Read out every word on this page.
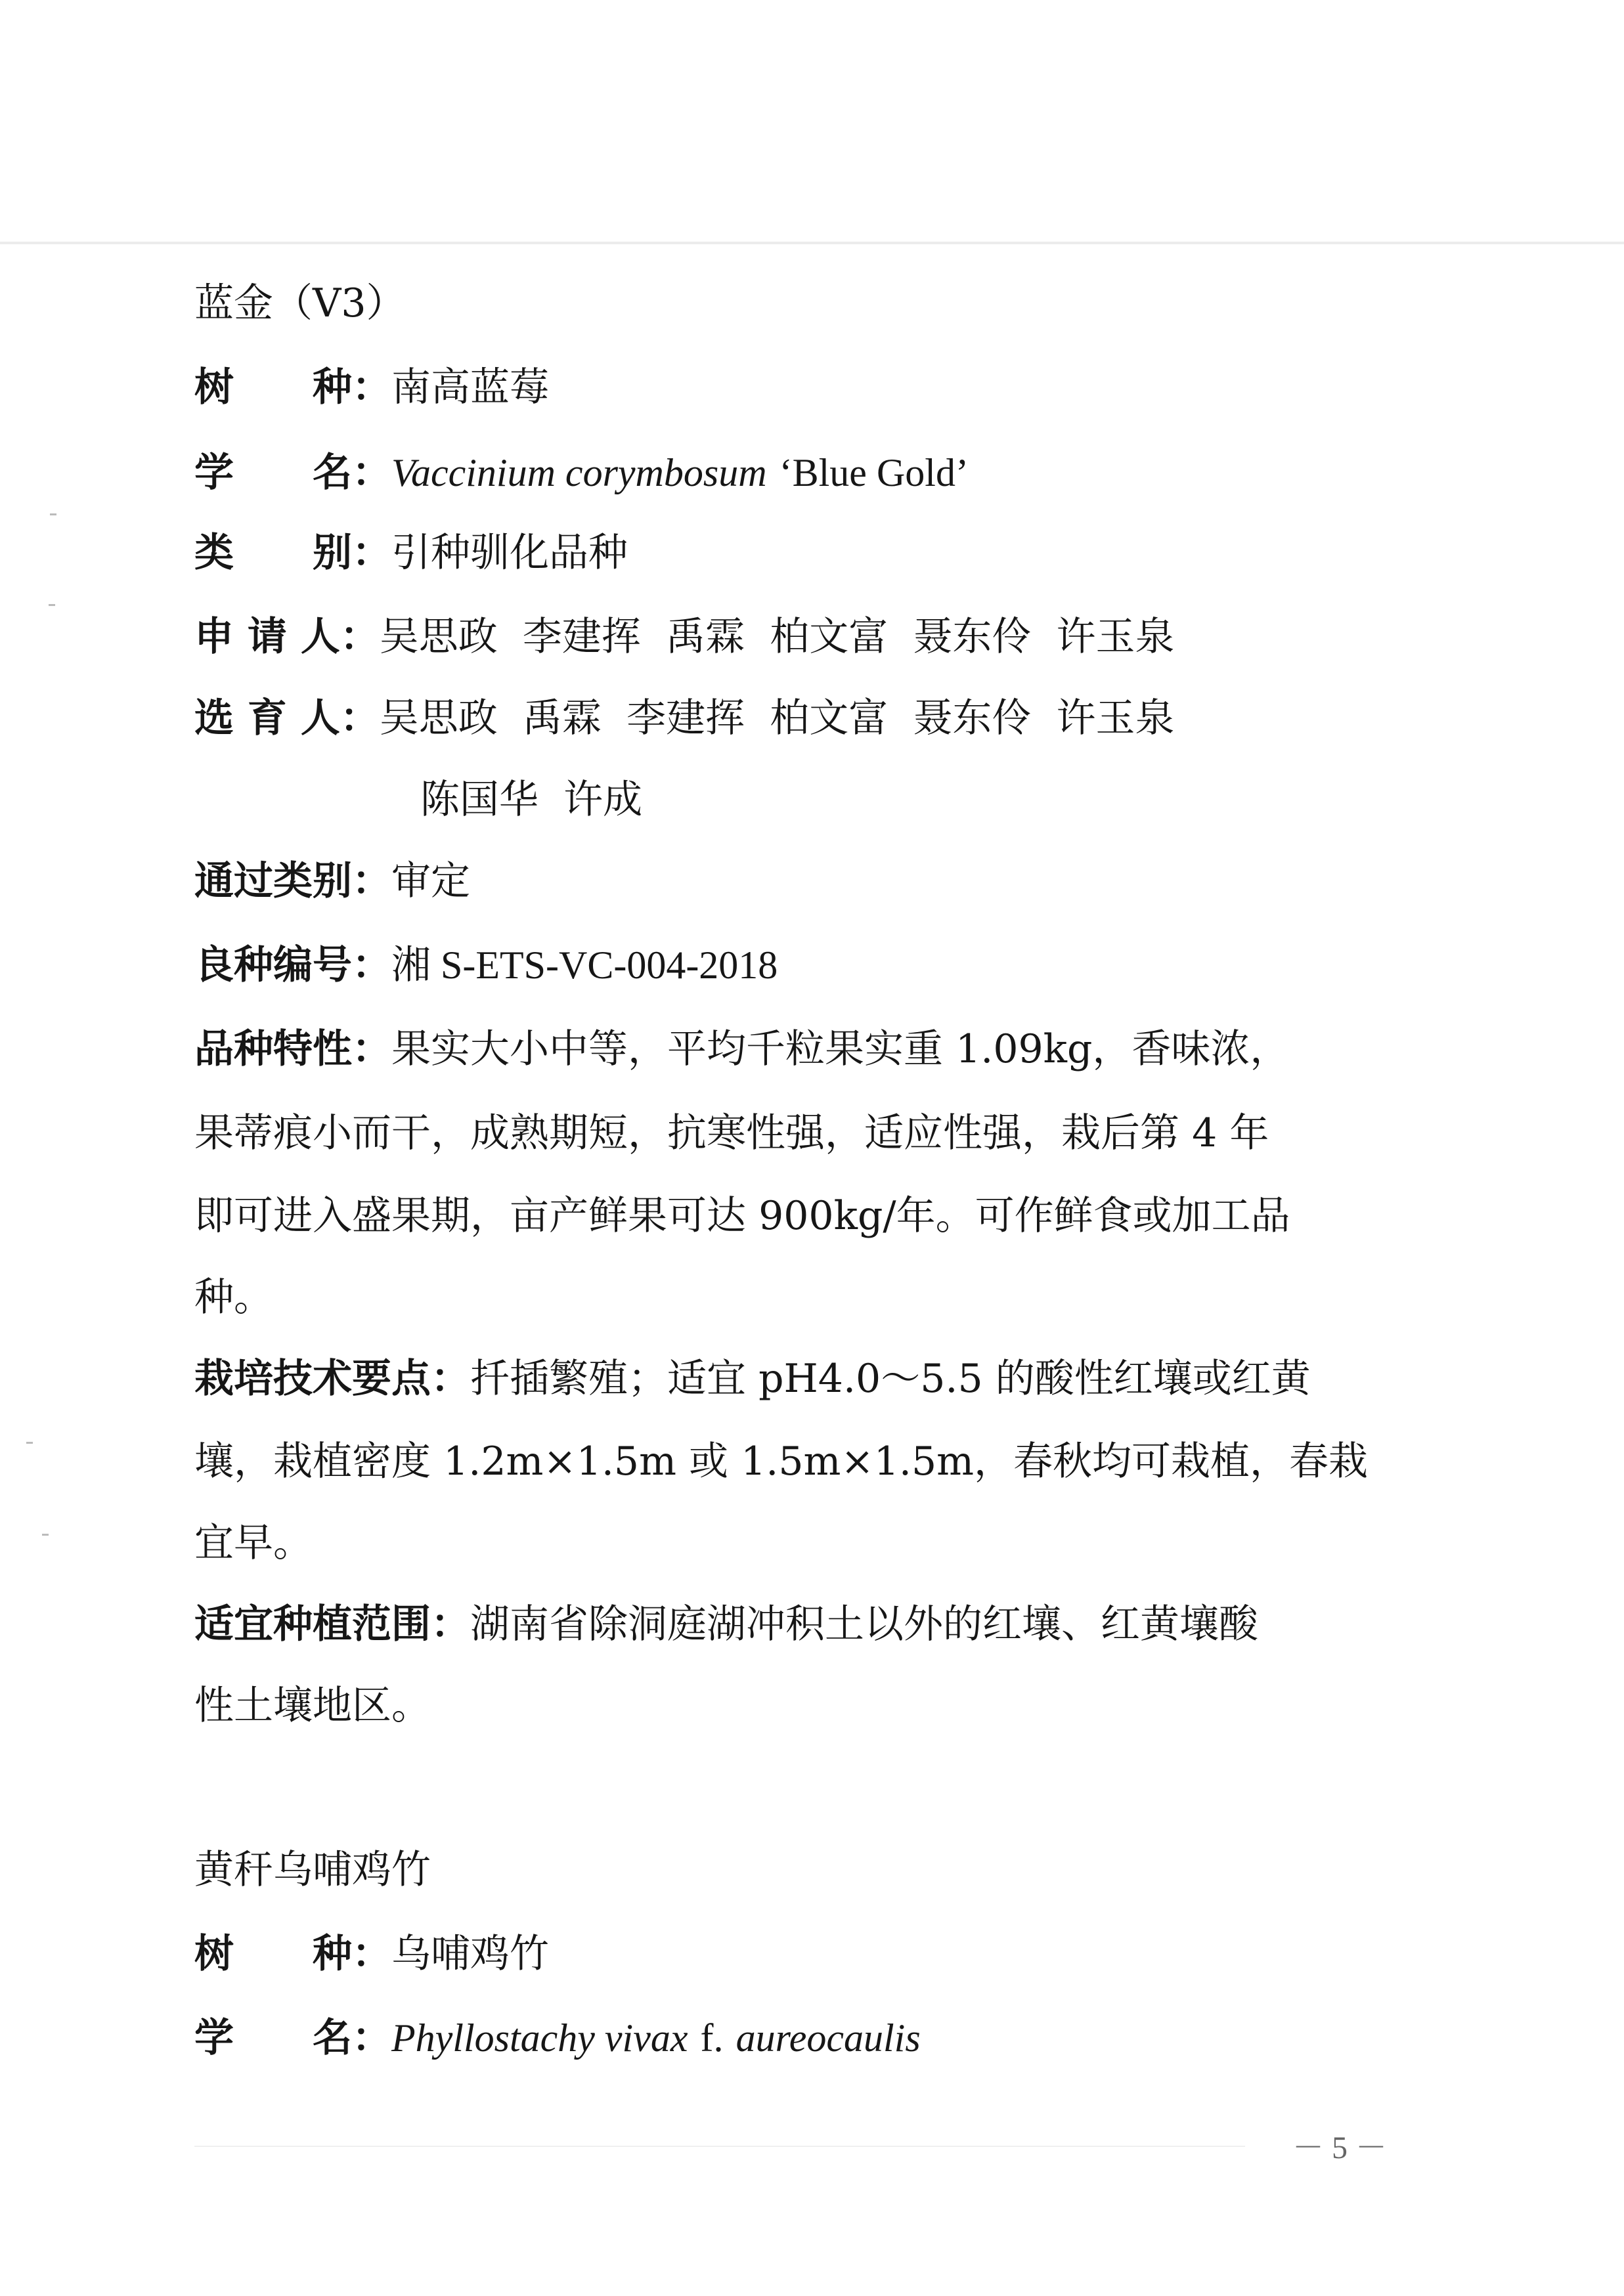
蓝金（V3）
树　　种：南高蓝莓
学　　名：Vaccinium corymbosum ‘Blue Gold’
类　　别：引种驯化品种
申 请 人：吴思政  李建挥  禹霖  柏文富  聂东伶  许玉泉
选 育 人：吴思政  禹霖  李建挥  柏文富  聂东伶  许玉泉
陈国华  许成
通过类别：审定
良种编号：湘 S-ETS-VC-004-2018
品种特性：果实大小中等，平均千粒果实重 1.09kg，香味浓，
果蒂痕小而干，成熟期短，抗寒性强，适应性强，栽后第 4 年
即可进入盛果期，亩产鲜果可达 900kg/年。可作鲜食或加工品
种。
栽培技术要点：扦插繁殖；适宜 pH4.0～5.5 的酸性红壤或红黄
壤，栽植密度 1.2m×1.5m 或 1.5m×1.5m，春秋均可栽植，春栽
宜早。
适宜种植范围：湖南省除洞庭湖冲积土以外的红壤、红黄壤酸
性土壤地区。
黄秆乌哺鸡竹
树　　种：乌哺鸡竹
学　　名：Phyllostachy vivax f. aureocaulis
－ 5 －
